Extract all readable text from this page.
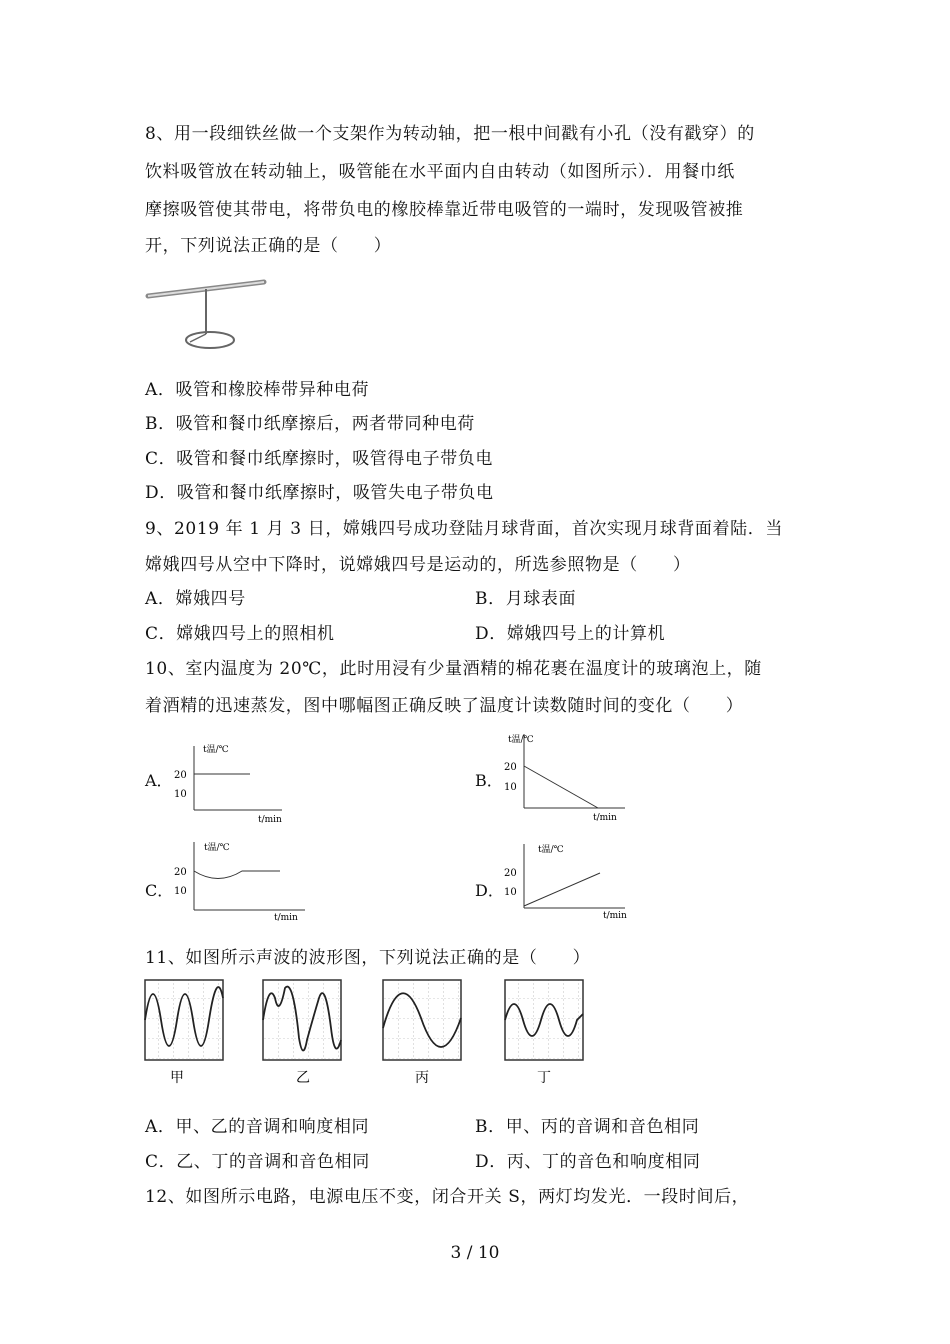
8、用一段细铁丝做一个支架作为转动轴，把一根中间戳有小孔（没有戳穿）的
饮料吸管放在转动轴上，吸管能在水平面内自由转动（如图所示）．用餐巾纸
摩擦吸管使其带电，将带负电的橡胶棒靠近带电吸管的一端时，发现吸管被推
开，下列说法正确的是（　　）
A．吸管和橡胶棒带异种电荷
B．吸管和餐巾纸摩擦后，两者带同种电荷
C．吸管和餐巾纸摩擦时，吸管得电子带负电
D．吸管和餐巾纸摩擦时，吸管失电子带负电
9、2019 年 1 月 3 日，嫦娥四号成功登陆月球背面，首次实现月球背面着陆．当
嫦娥四号从空中下降时，说嫦娥四号是运动的，所选参照物是（　　）
A．嫦娥四号	B．月球表面
C．嫦娥四号上的照相机	D．嫦娥四号上的计算机
10、室内温度为 20℃，此时用浸有少量酒精的棉花裹在温度计的玻璃泡上，随
着酒精的迅速蒸发，图中哪幅图正确反映了温度计读数随时间的变化（　　）
A．
t温/℃
20
10
t/min
B．
t温/℃
20
10
t/min
C．
t温/℃
20
10
t/min
D．
t温/℃
20
10
t/min
11、如图所示声波的波形图，下列说法正确的是（　　）
甲	乙	丙	丁
A．甲、乙的音调和响度相同	B．甲、丙的音调和音色相同
C．乙、丁的音调和音色相同	D．丙、丁的音色和响度相同
12、如图所示电路，电源电压不变，闭合开关 S，两灯均发光．一段时间后，
3 / 10
